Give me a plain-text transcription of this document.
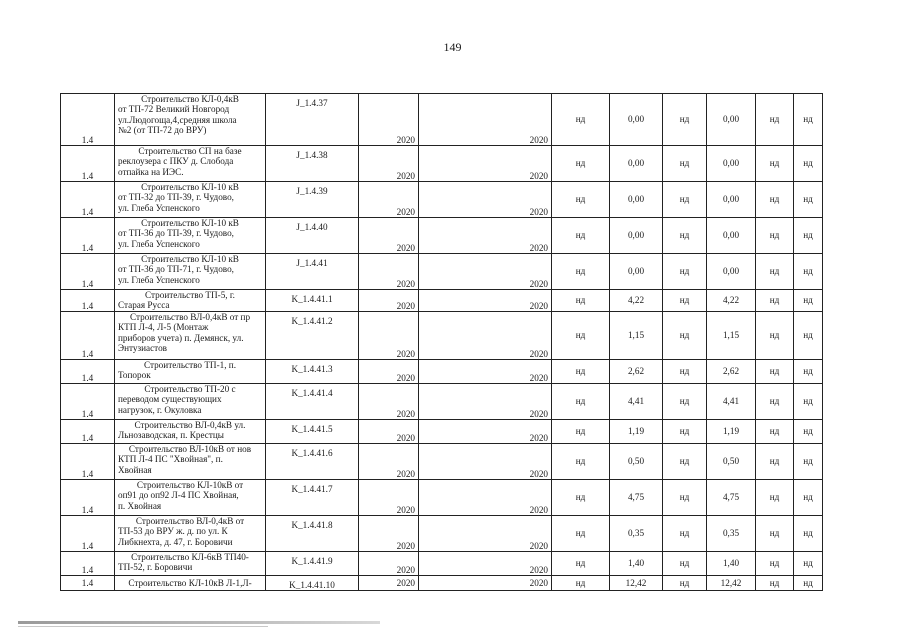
149
1.4	Строительство КЛ-0,4кВ
от ТП-72 Великий Новгород
ул.Людогоща,4,средняя школа
№2 (от ТП-72 до ВРУ)	J_1.4.37	2020	2020	нд	0,00	нд	0,00	нд	нд
1.4	Строительство СП на базе
реклоузера с ПКУ д. Слобода
отпайка на ИЭС.	J_1.4.38	2020	2020	нд	0,00	нд	0,00	нд	нд
1.4	Строительство КЛ-10 кВ
от ТП-32 до ТП-39, г. Чудово,
ул. Глеба Успенского	J_1.4.39	2020	2020	нд	0,00	нд	0,00	нд	нд
1.4	Строительство КЛ-10 кВ
от ТП-36 до ТП-39, г. Чудово,
ул. Глеба Успенского	J_1.4.40	2020	2020	нд	0,00	нд	0,00	нд	нд
1.4	Строительство КЛ-10 кВ
от ТП-36 до ТП-71, г. Чудово,
ул. Глеба Успенского	J_1.4.41	2020	2020	нд	0,00	нд	0,00	нд	нд
1.4	Строительство ТП-5, г.
Старая Русса	K_1.4.41.1	2020	2020	нд	4,22	нд	4,22	нд	нд
1.4	Строительство ВЛ-0,4кВ от пр
КТП Л-4, Л-5 (Монтаж
приборов учета) п. Демянск, ул.
Энтузиастов	K_1.4.41.2	2020	2020	нд	1,15	нд	1,15	нд	нд
1.4	Строительство ТП-1, п.
Топорок	K_1.4.41.3	2020	2020	нд	2,62	нд	2,62	нд	нд
1.4	Строительство ТП-20 с
переводом существующих
нагрузок, г. Окуловка	K_1.4.41.4	2020	2020	нд	4,41	нд	4,41	нд	нд
1.4	Строительство ВЛ-0,4кВ ул.
Льнозаводская, п. Крестцы	K_1.4.41.5	2020	2020	нд	1,19	нд	1,19	нд	нд
1.4	Строительство ВЛ-10кВ от нов
КТП Л-4 ПС "Хвойная", п.
Хвойная	K_1.4.41.6	2020	2020	нд	0,50	нд	0,50	нд	нд
1.4	Строительство КЛ-10кВ от
оп91 до оп92 Л-4 ПС Хвойная,
п. Хвойная	K_1.4.41.7	2020	2020	нд	4,75	нд	4,75	нд	нд
1.4	Строительство ВЛ-0,4кВ от
ТП-53 до ВРУ ж. д. по ул. К
Либкнехта, д. 47, г. Боровичи	K_1.4.41.8	2020	2020	нд	0,35	нд	0,35	нд	нд
1.4	Строительство КЛ-6кВ ТП40-
ТП-52, г. Боровичи	K_1.4.41.9	2020	2020	нд	1,40	нд	1,40	нд	нд
1.4	Строительство КЛ-10кВ Л-1,Л-	K_1.4.41.10	2020	2020	нд	12,42	нд	12,42	нд	нд
